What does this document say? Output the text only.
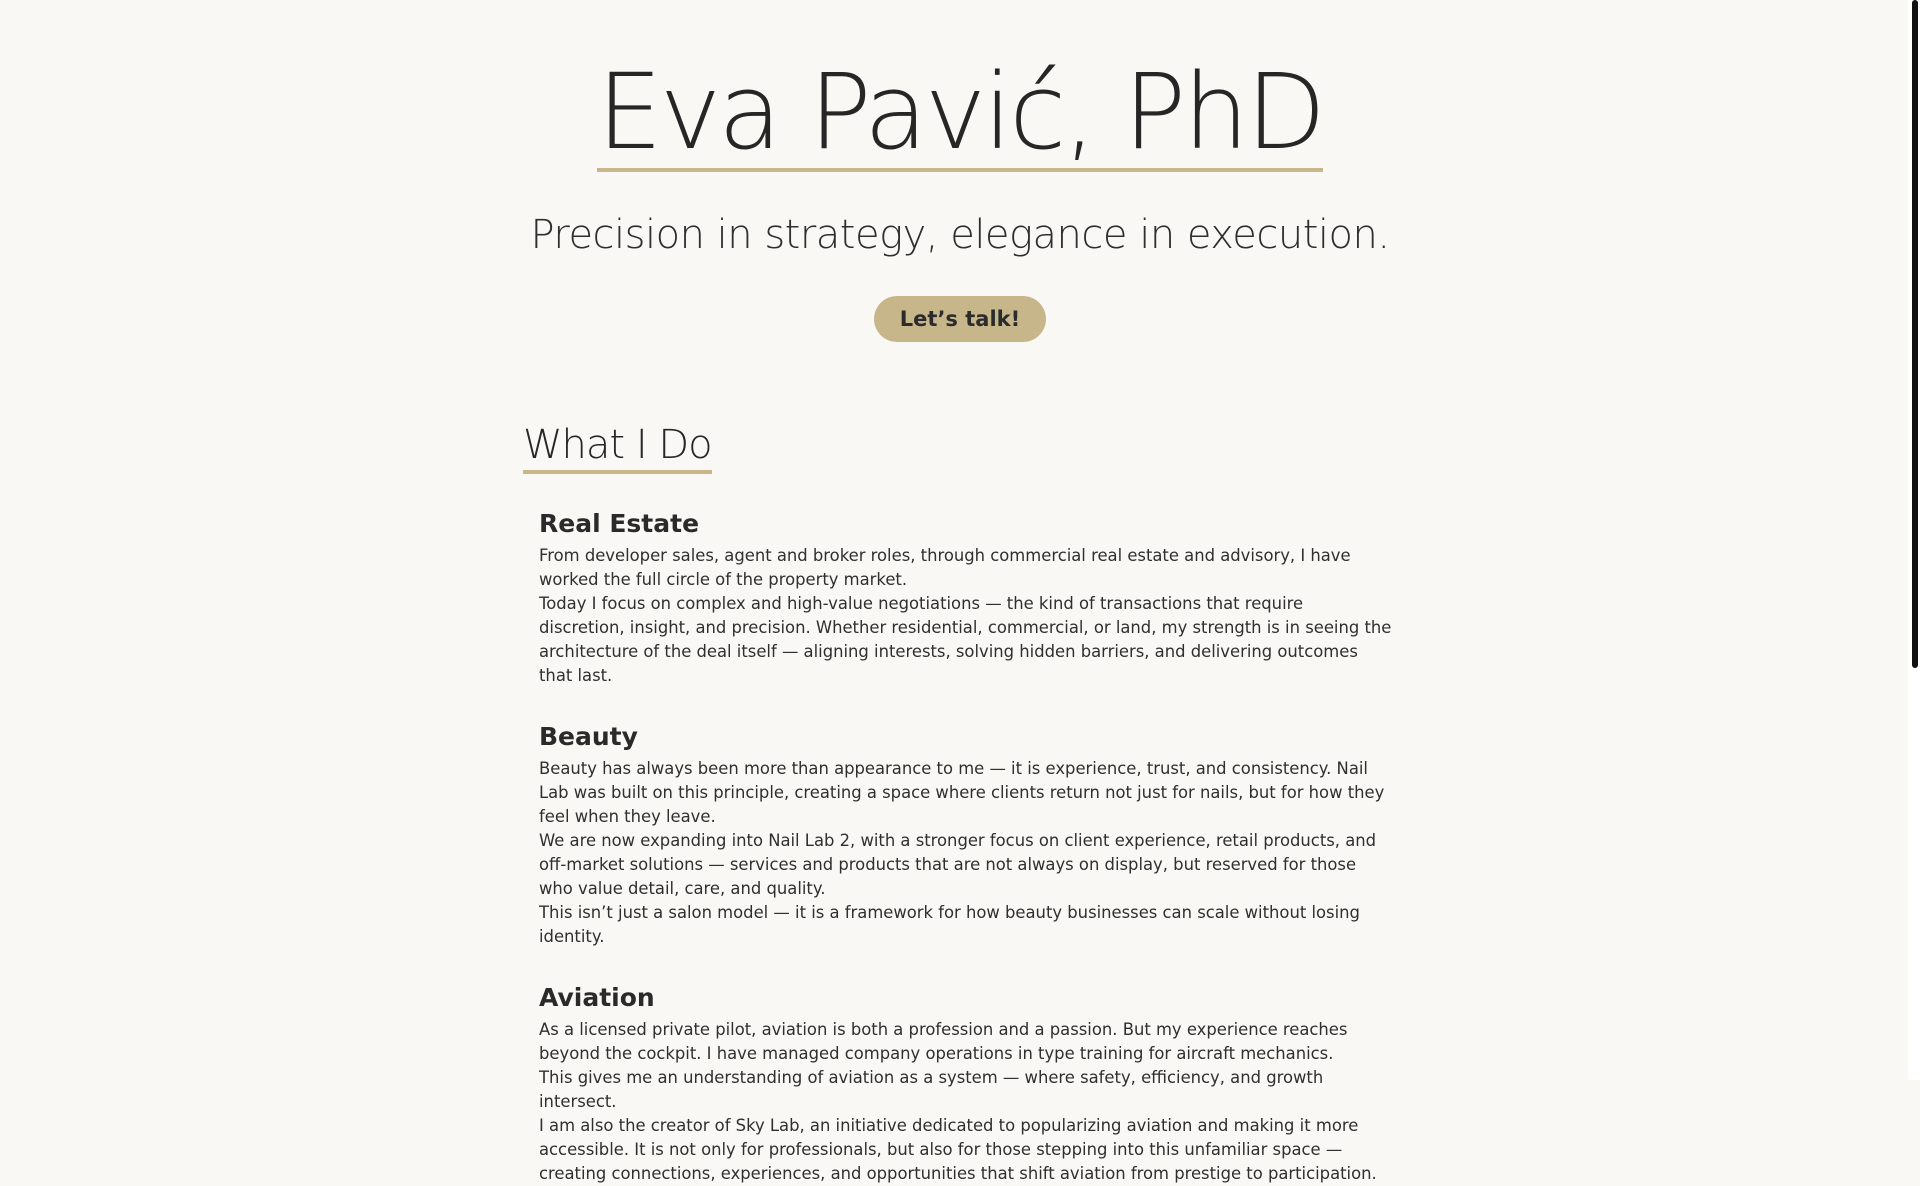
Eva Pavić, PhD
Precision in strategy, elegance in execution.
Let’s talk!
What I Do
Real Estate

From developer sales, agent and broker roles, through commercial real estate and advisory, I have worked the full circle of the property market.

Today I focus on complex and high-value negotiations — the kind of transactions that require discretion, insight, and precision. Whether residential, commercial, or land, my strength is in seeing the architecture of the deal itself — aligning interests, solving hidden barriers, and delivering outcomes that last.

Beauty

Beauty has always been more than appearance to me — it is experience, trust, and consistency. Nail Lab was built on this principle, creating a space where clients return not just for nails, but for how they feel when they leave.

We are now expanding into Nail Lab 2, with a stronger focus on client experience, retail products, and off-market solutions — services and products that are not always on display, but reserved for those who value detail, care, and quality.

This isn’t just a salon model — it is a framework for how beauty businesses can scale without losing identity.

Aviation

As a licensed private pilot, aviation is both a profession and a passion. But my experience reaches beyond the cockpit. I have managed company operations in type training for aircraft mechanics.

This gives me an understanding of aviation as a system — where safety, efficiency, and growth intersect.

I am also the creator of Sky Lab, an initiative dedicated to popularizing aviation and making it more accessible. It is not only for professionals, but also for those stepping into this unfamiliar space — creating connections, experiences, and opportunities that shift aviation from prestige to participation.
